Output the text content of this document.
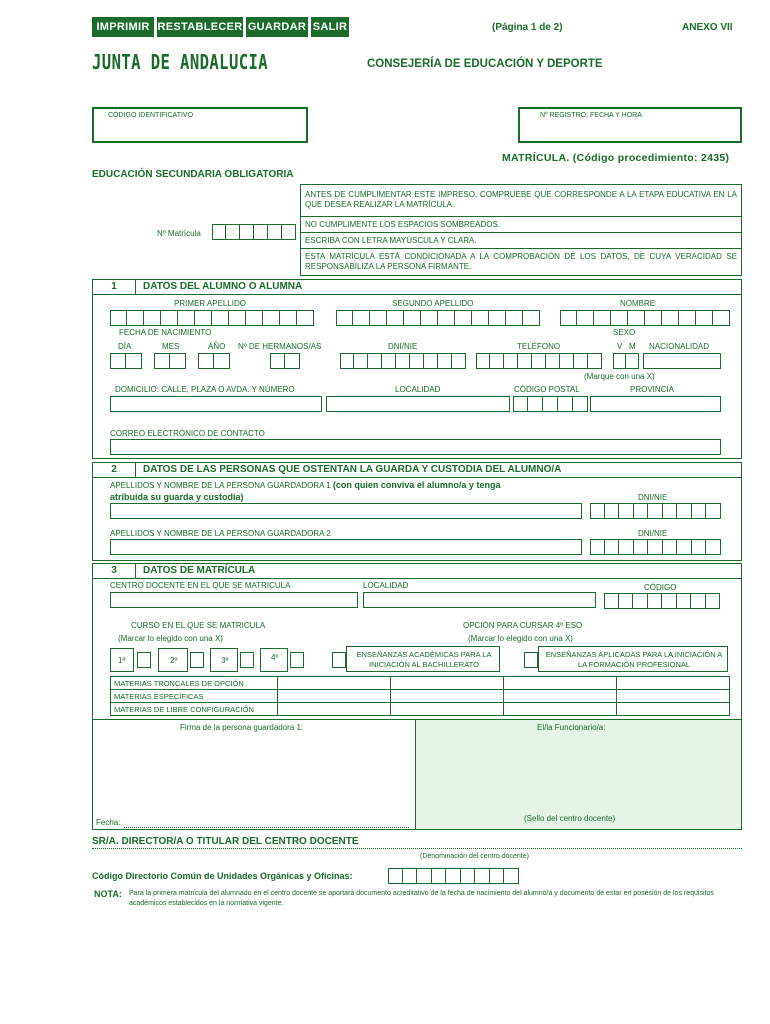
IMPRIMIR RESTABLECER GUARDAR SALIR	(Página 1 de 2)	ANEXO VII
JUNTA DE ANDALUCIA	CONSEJERÍA DE EDUCACIÓN Y DEPORTE
CÓDIGO IDENTIFICATIVO	Nº REGISTRO, FECHA Y HORA
MATRÍCULA. (Código procedimiento: 2435)
EDUCACIÓN SECUNDARIA OBLIGATORIA
ANTES DE CUMPLIMENTAR ESTE IMPRESO, COMPRUEBE QUE CORRESPONDE A LA ETAPA EDUCATIVA EN LA QUE DESEA REALIZAR LA MATRÍCULA.
NO CUMPLIMENTE LOS ESPACIOS SOMBREADOS.
ESCRIBA CON LETRA MAYÚSCULA Y CLARA.
ESTA MATRÍCULA ESTÁ CONDICIONADA A LA COMPROBACIÓN DE LOS DATOS, DE CUYA VERACIDAD SE RESPONSABILIZA LA PERSONA FIRMANTE.
Nº Matrícula
1	DATOS DEL ALUMNO O ALUMNA
PRIMER APELLIDO	SEGUNDO APELLIDO	NOMBRE
FECHA DE NACIMIENTO	SEXO
DÍA	MES	AÑO Nº DE HERMANOS/AS	DNI/NIE	TELÉFONO	V M NACIONALIDAD
(Marque con una X)
DOMICILIO: CALLE, PLAZA O AVDA. Y NÚMERO	LOCALIDAD	CÓDIGO POSTAL	PROVINCIA
CORREO ELECTRÓNICO DE CONTACTO
2	DATOS DE LAS PERSONAS QUE OSTENTAN LA GUARDA Y CUSTODIA DEL ALUMNO/A
APELLIDOS Y NOMBRE DE LA PERSONA GUARDADORA 1 (con quien conviva el alumno/a y tenga
atribuida su guarda y custodia)	DNI/NIE
APELLIDOS Y NOMBRE DE LA PERSONA GUARDADORA 2	DNI/NIE
3	DATOS DE MATRÍCULA
CENTRO DOCENTE EN EL QUE SE MATRICULA	LOCALIDAD	CÓDIGO
CURSO EN EL QUE SE MATRICULA
(Marcar lo elegido con una X)
OPCIÓN PARA CURSAR 4º ESO
(Marcar lo elegido con una X)
1º	2º	3º	4º	ENSEÑANZAS ACADÉMICAS PARA LA INICIACIÓN AL BACHILLERATO
ENSEÑANZAS APLICADAS PARA LA INICIACIÓN A LA FORMACIÓN PROFESIONAL
MATERIAS TRONCALES DE OPCIÓN				
MATERIAS ESPECÍFICAS				
MATERIAS DE LIBRE CONFIGURACIÓN				
Firma de la persona guardadora 1:	El/la Funcionario/a:
Fecha:	(Sello del centro docente)
SR/A. DIRECTOR/A O TITULAR DEL CENTRO DOCENTE
(Denominación del centro docente)
Código Directorio Común de Unidades Orgánicas y Oficinas:
NOTA: Para la primera matrícula del alumnado en el centro docente se aportará documento acreditativo de la fecha de nacimiento del alumno/a y documento de estar en posesión de los requisitos académicos establecidos en la normativa vigente.
